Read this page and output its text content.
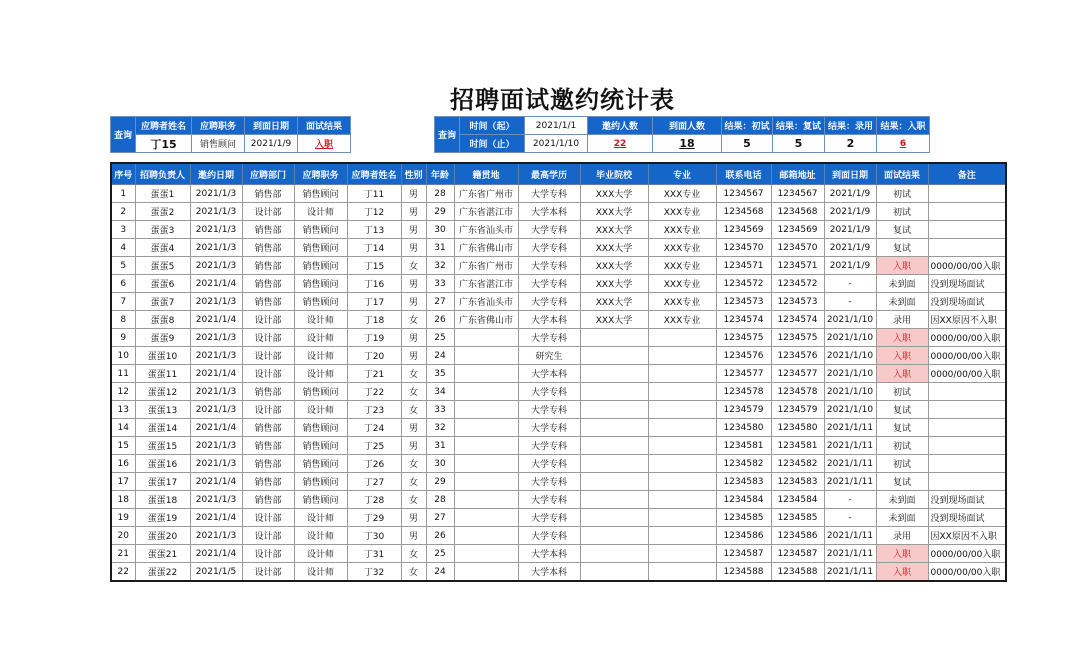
招聘面试邀约统计表
查询	应聘者姓名	应聘职务	到面日期	面试结果
	丁15	销售顾问	2021/1/9	入职
查询	时间（起）	2021/1/1	邀约人数	到面人数	结果：初试	结果：复试	结果：录用	结果：入职
	时间（止）	2021/1/10	22	18	5	5	2	6
序号	招聘负责人	邀约日期	应聘部门	应聘职务	应聘者姓名	性别	年龄	籍贯地	最高学历	毕业院校	专业	联系电话	邮箱地址	到面日期	面试结果	备注
1	蛋蛋1	2021/1/3	销售部	销售顾问	丁11	男	28	广东省广州市	大学专科	XXX大学	XXX专业	1234567	1234567	2021/1/9	初试	
2	蛋蛋2	2021/1/3	设计部	设计师	丁12	男	29	广东省湛江市	大学本科	XXX大学	XXX专业	1234568	1234568	2021/1/9	初试	
3	蛋蛋3	2021/1/3	销售部	销售顾问	丁13	男	30	广东省汕头市	大学专科	XXX大学	XXX专业	1234569	1234569	2021/1/9	复试	
4	蛋蛋4	2021/1/3	销售部	销售顾问	丁14	男	31	广东省佛山市	大学专科	XXX大学	XXX专业	1234570	1234570	2021/1/9	复试	
5	蛋蛋5	2021/1/3	销售部	销售顾问	丁15	女	32	广东省广州市	大学专科	XXX大学	XXX专业	1234571	1234571	2021/1/9	入职	0000/00/00入职
6	蛋蛋6	2021/1/4	销售部	销售顾问	丁16	男	33	广东省湛江市	大学专科	XXX大学	XXX专业	1234572	1234572	-	未到面	没到现场面试
7	蛋蛋7	2021/1/3	销售部	销售顾问	丁17	男	27	广东省汕头市	大学专科	XXX大学	XXX专业	1234573	1234573	-	未到面	没到现场面试
8	蛋蛋8	2021/1/4	设计部	设计师	丁18	女	26	广东省佛山市	大学本科	XXX大学	XXX专业	1234574	1234574	2021/1/10	录用	因XX原因不入职
9	蛋蛋9	2021/1/3	设计部	设计师	丁19	男	25		大学专科			1234575	1234575	2021/1/10	入职	0000/00/00入职
10	蛋蛋10	2021/1/3	设计部	设计师	丁20	男	24		研究生			1234576	1234576	2021/1/10	入职	0000/00/00入职
11	蛋蛋11	2021/1/4	设计部	设计师	丁21	女	35		大学本科			1234577	1234577	2021/1/10	入职	0000/00/00入职
12	蛋蛋12	2021/1/3	销售部	销售顾问	丁22	女	34		大学专科			1234578	1234578	2021/1/10	初试	
13	蛋蛋13	2021/1/3	设计部	设计师	丁23	女	33		大学专科			1234579	1234579	2021/1/10	复试	
14	蛋蛋14	2021/1/4	销售部	销售顾问	丁24	男	32		大学专科			1234580	1234580	2021/1/11	复试	
15	蛋蛋15	2021/1/3	销售部	销售顾问	丁25	男	31		大学专科			1234581	1234581	2021/1/11	初试	
16	蛋蛋16	2021/1/3	销售部	销售顾问	丁26	女	30		大学专科			1234582	1234582	2021/1/11	初试	
17	蛋蛋17	2021/1/4	销售部	销售顾问	丁27	女	29		大学专科			1234583	1234583	2021/1/11	复试	
18	蛋蛋18	2021/1/3	销售部	销售顾问	丁28	女	28		大学专科			1234584	1234584	-	未到面	没到现场面试
19	蛋蛋19	2021/1/4	设计部	设计师	丁29	男	27		大学专科			1234585	1234585	-	未到面	没到现场面试
20	蛋蛋20	2021/1/3	设计部	设计师	丁30	男	26		大学专科			1234586	1234586	2021/1/11	录用	因XX原因不入职
21	蛋蛋21	2021/1/4	设计部	设计师	丁31	女	25		大学本科			1234587	1234587	2021/1/11	入职	0000/00/00入职
22	蛋蛋22	2021/1/5	设计部	设计师	丁32	女	24		大学本科			1234588	1234588	2021/1/11	入职	0000/00/00入职
